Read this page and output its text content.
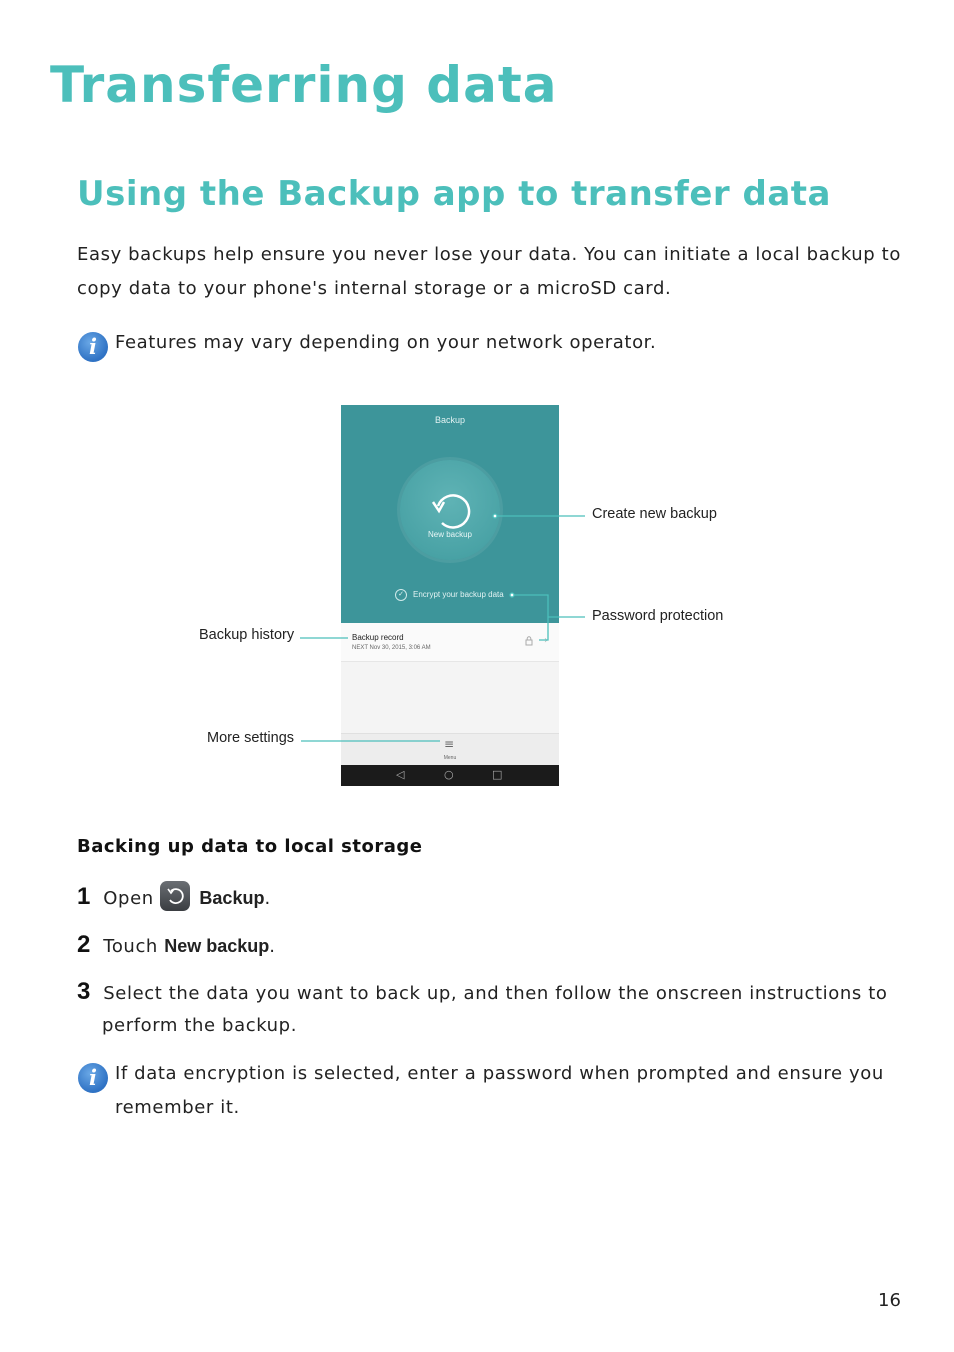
Transferring data
Using the Backup app to transfer data

Easy backups help ensure you never lose your data. You can initiate a local backup to

copy data to your phone's internal storage or a microSD card.

i	Features may vary depending on your network operator.

Backup
New backup
✓ Encrypt your backup data
Backup record
NEXT Nov 30, 2015, 3:06 AM
›
≡
Menu
◁	○	□
Create new backup
Password protection
Backup history
More settings
Backing up data to local storage
1 Open
Backup.
2 Touch New backup.
3 Select the data you want to back up, and then follow the onscreen instructions to

perform the backup.

i	If data encryption is selected, enter a password when prompted and ensure you

remember it.

16
